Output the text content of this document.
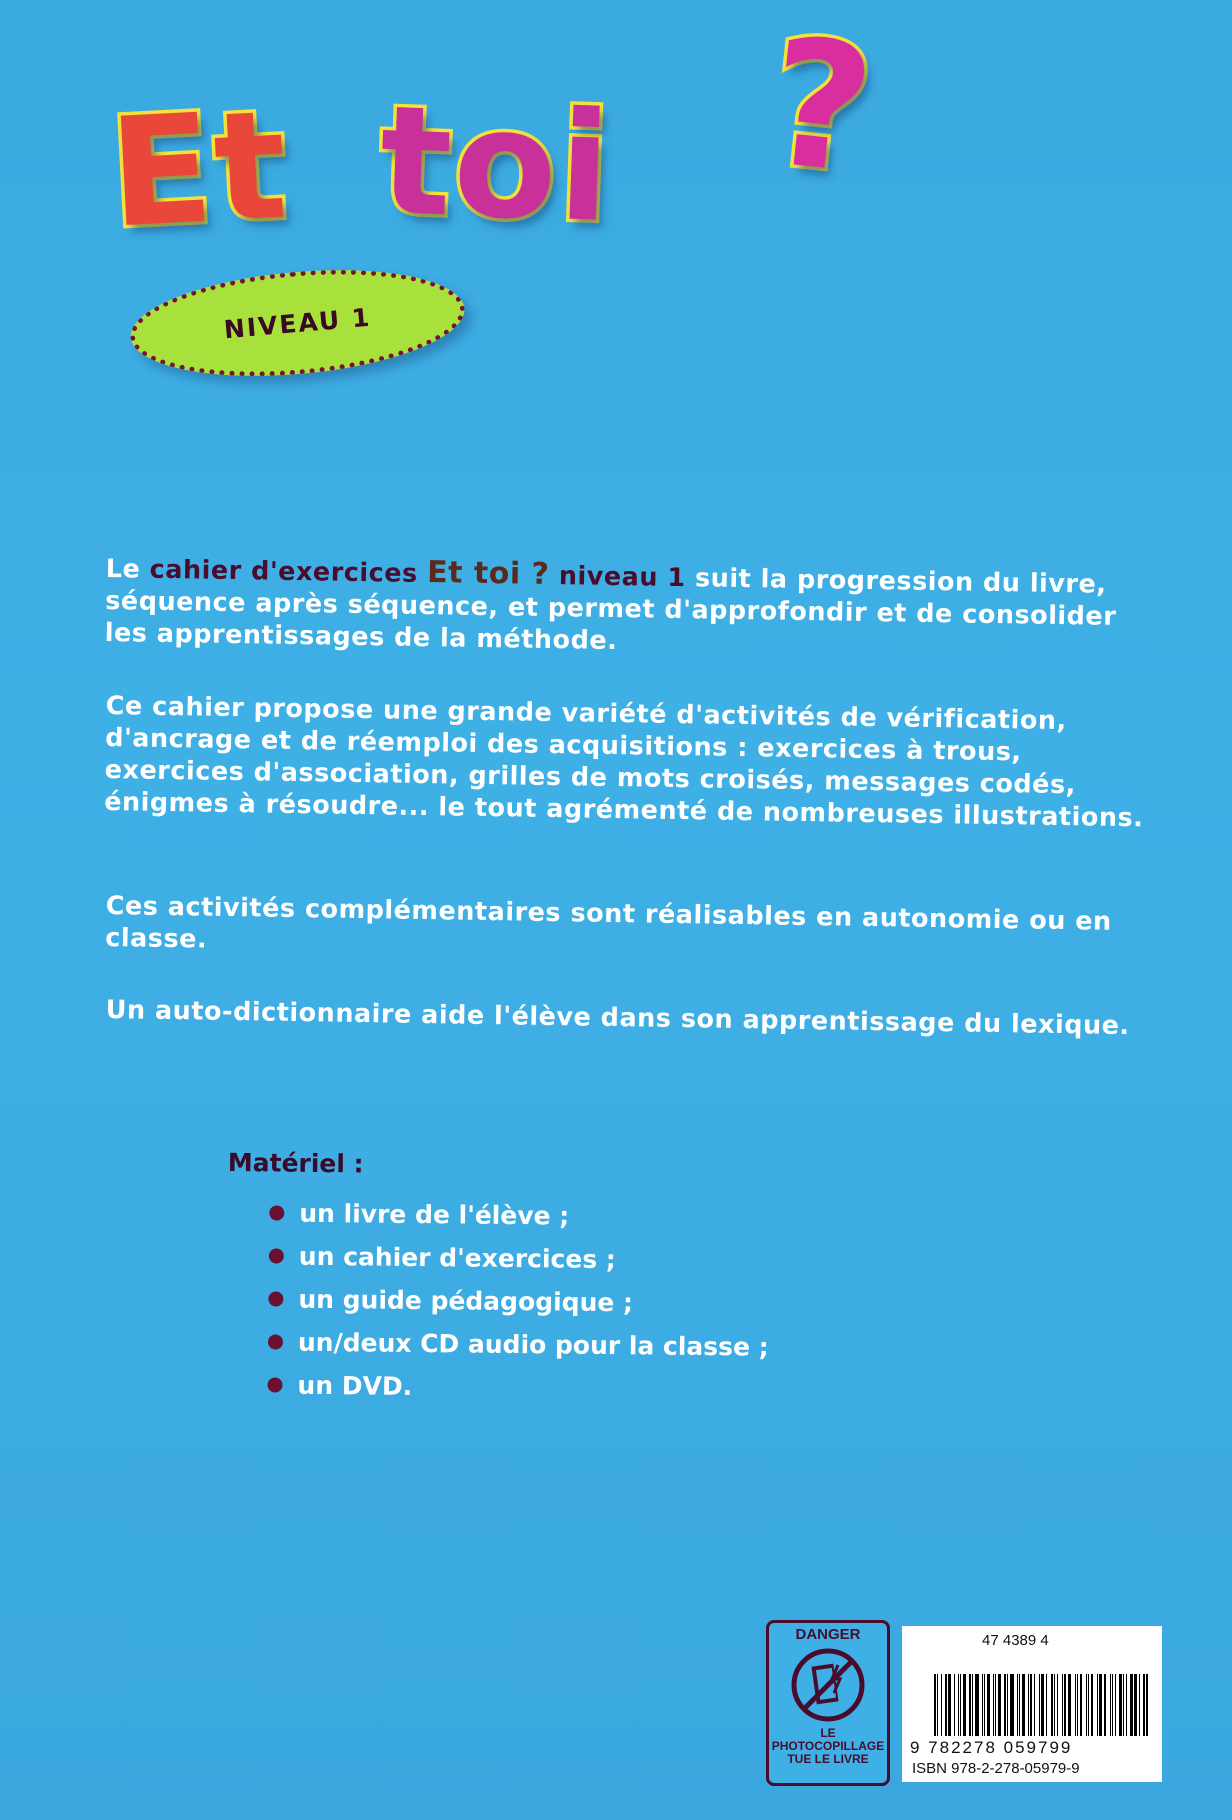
Et toi ?
NIVEAU 1
Le cahier d'exercices Et toi ? niveau 1 suit la progression du livre, séquence après séquence, et permet d'approfondir et de consolider les apprentissages de la méthode.
Ce cahier propose une grande variété d'activités de vérification, d'ancrage et de réemploi des acquisitions : exercices à trous, exercices d'association, grilles de mots croisés, messages codés, énigmes à résoudre... le tout agrémenté de nombreuses illustrations.
Ces activités complémentaires sont réalisables en autonomie ou en classe.
Un auto-dictionnaire aide l'élève dans son apprentissage du lexique.

Matériel :

un livre de l'élève ;
un cahier d'exercices ;
un guide pédagogique ;
un/deux CD audio pour la classe ;
un DVD.
DANGER
LE
PHOTOCOPILLAGE
TUE LE LIVRE
47 4389 4
9 782278 059799
ISBN 978-2-278-05979-9
